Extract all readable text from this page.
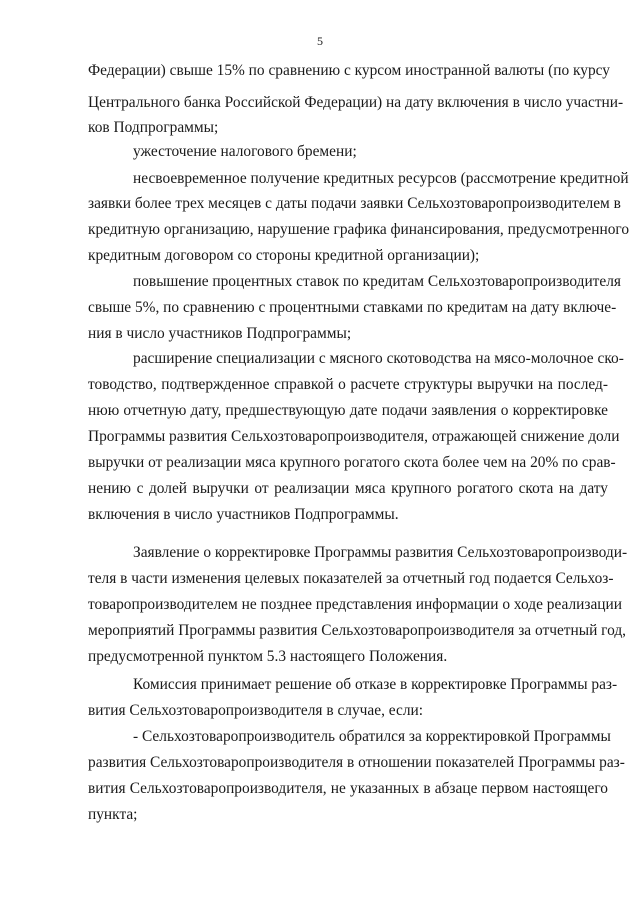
5
Федерации) свыше 15% по сравнению с курсом иностранной валюты (по курсу
Центрального банка Российской Федерации) на дату включения в число участни-
ков Подпрограммы;
ужесточение налогового бремени;
несвоевременное получение кредитных ресурсов (рассмотрение кредитной
заявки более трех месяцев с даты подачи заявки Сельхозтоваропроизводителем в
кредитную организацию, нарушение графика финансирования, предусмотренного
кредитным договором со стороны кредитной организации);
повышение процентных ставок по кредитам Сельхозтоваропроизводителя
свыше 5%, по сравнению с процентными ставками по кредитам на дату включе-
ния в число участников Подпрограммы;
расширение специализации с мясного скотоводства на мясо-молочное ско-
товодство, подтвержденное справкой о расчете структуры выручки на послед-
нюю отчетную дату, предшествующую дате подачи заявления о корректировке
Программы развития Сельхозтоваропроизводителя, отражающей снижение доли
выручки от реализации мяса крупного рогатого скота более чем на 20% по срав-
нению с долей выручки от реализации мяса крупного рогатого скота на дату
включения в число участников Подпрограммы.
Заявление о корректировке Программы развития Сельхозтоваропроизводи-
теля в части изменения целевых показателей за отчетный год подается Сельхоз-
товаропроизводителем не позднее представления информации о ходе реализации
мероприятий Программы развития Сельхозтоваропроизводителя за отчетный год,
предусмотренной пунктом 5.3 настоящего Положения.
Комиссия принимает решение об отказе в корректировке Программы раз-
вития Сельхозтоваропроизводителя в случае, если:
- Сельхозтоваропроизводитель обратился за корректировкой Программы
развития Сельхозтоваропроизводителя в отношении показателей Программы раз-
вития Сельхозтоваропроизводителя, не указанных в абзаце первом настоящего
пункта;
